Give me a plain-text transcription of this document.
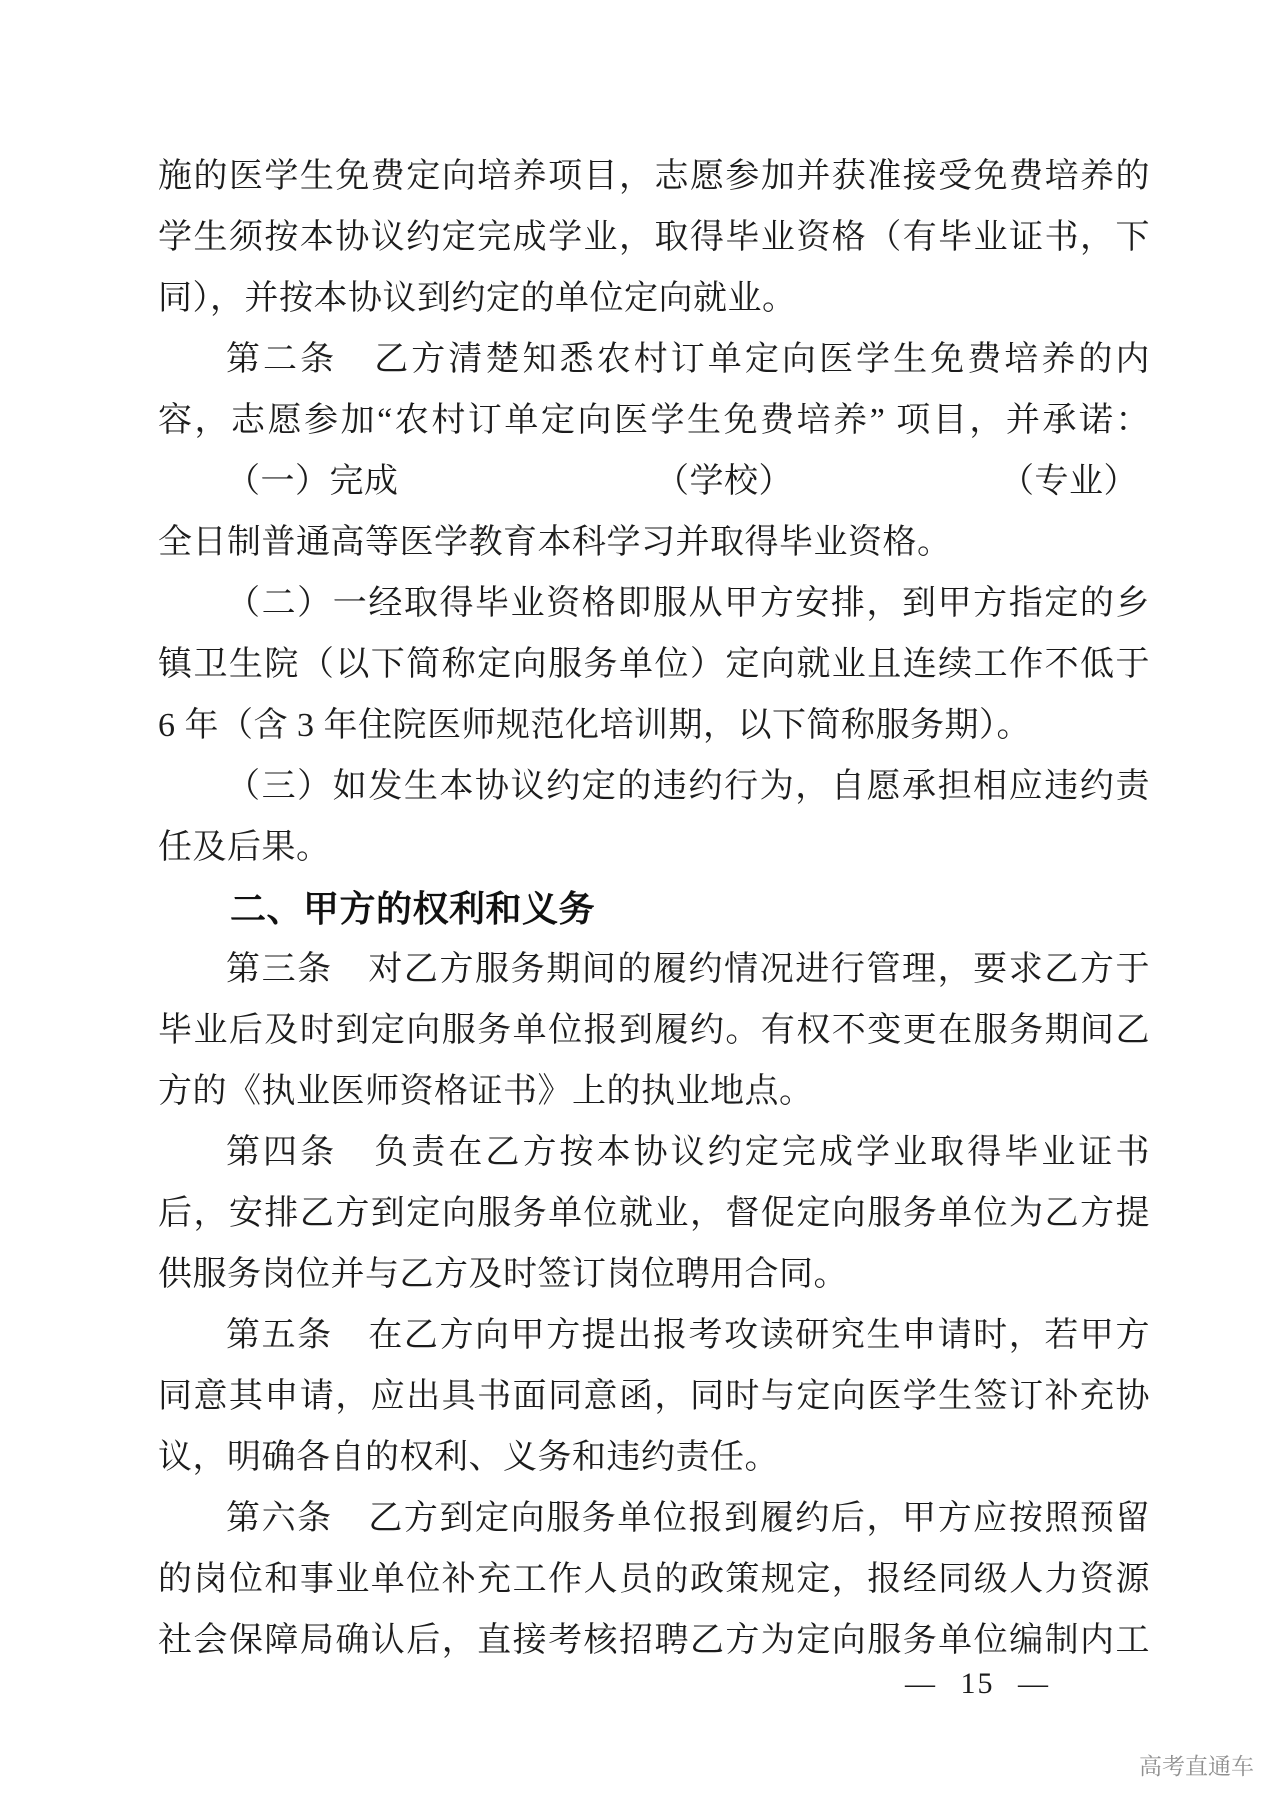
施的医学生免费定向培养项目，志愿参加并获准接受免费培养的
学生须按本协议约定完成学业，取得毕业资格（有毕业证书，下
同），并按本协议到约定的单位定向就业。
第二条　乙方清楚知悉农村订单定向医学生免费培养的内
容，志愿参加“农村订单定向医学生免费培养” 项目，并承诺：
（一）完成	（学校）	（专业）
全日制普通高等医学教育本科学习并取得毕业资格。
（二）一经取得毕业资格即服从甲方安排，到甲方指定的乡
镇卫生院（以下简称定向服务单位）定向就业且连续工作不低于
6 年（含 3 年住院医师规范化培训期，以下简称服务期）。
（三）如发生本协议约定的违约行为，自愿承担相应违约责
任及后果。
二、甲方的权利和义务
第三条　对乙方服务期间的履约情况进行管理，要求乙方于
毕业后及时到定向服务单位报到履约。有权不变更在服务期间乙
方的《执业医师资格证书》上的执业地点。
第四条　负责在乙方按本协议约定完成学业取得毕业证书
后，安排乙方到定向服务单位就业，督促定向服务单位为乙方提
供服务岗位并与乙方及时签订岗位聘用合同。
第五条　在乙方向甲方提出报考攻读研究生申请时，若甲方
同意其申请，应出具书面同意函，同时与定向医学生签订补充协
议，明确各自的权利、义务和违约责任。
第六条　乙方到定向服务单位报到履约后，甲方应按照预留
的岗位和事业单位补充工作人员的政策规定，报经同级人力资源
社会保障局确认后，直接考核招聘乙方为定向服务单位编制内工
— 15 —
高考直通车
